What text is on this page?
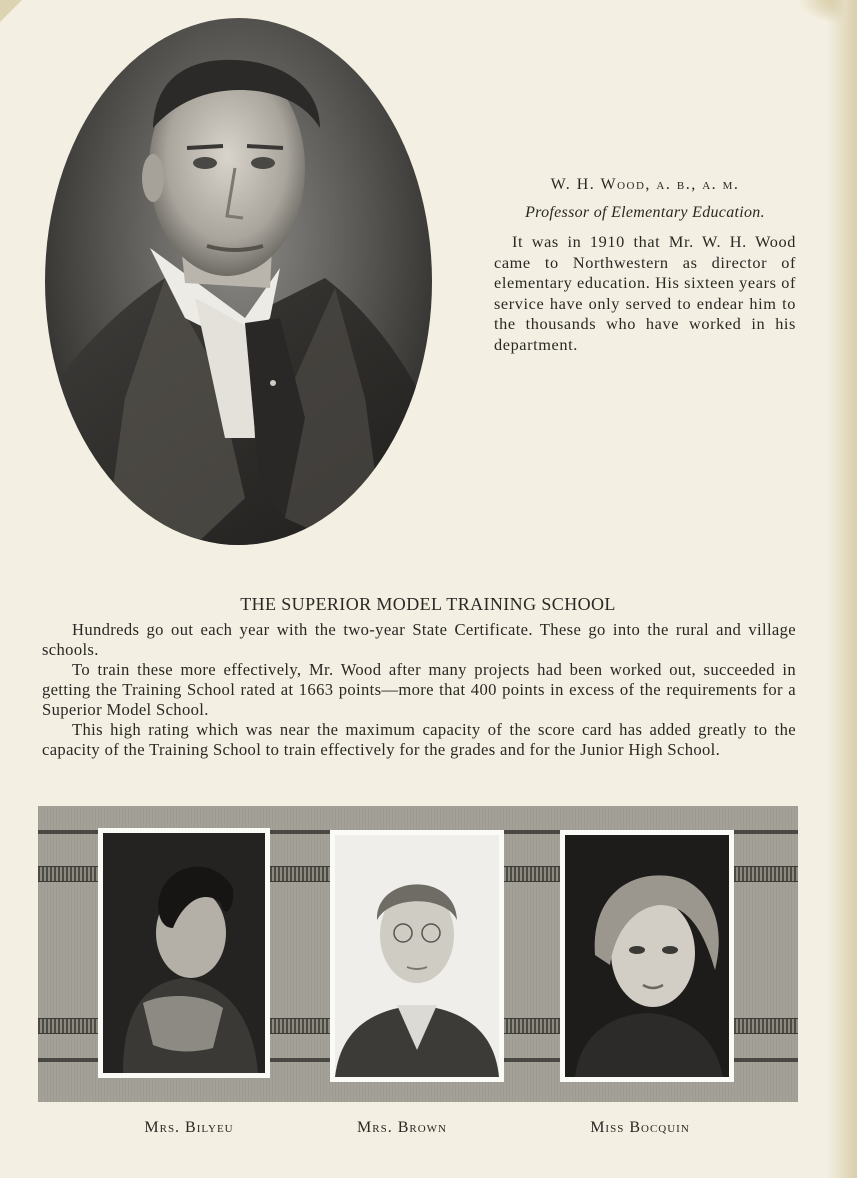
W. H. Wood, a. b., a. m.
Professor of Elementary Education.
It was in 1910 that Mr. W. H. Wood came to Northwestern as director of elementary education. His sixteen years of service have only served to endear him to the thousands who have worked in his department.
THE SUPERIOR MODEL TRAINING SCHOOL

Hundreds go out each year with the two-year State Certificate. These go into the rural and village schools.

To train these more effectively, Mr. Wood after many projects had been worked out, succeeded in getting the Training School rated at 1663 points—more that 400 points in excess of the requirements for a Superior Model School.

This high rating which was near the maximum capacity of the score card has added greatly to the capacity of the Training School to train effectively for the grades and for the Junior High School.

Mrs. Bilyeu	Mrs. Brown	Miss Bocquin
